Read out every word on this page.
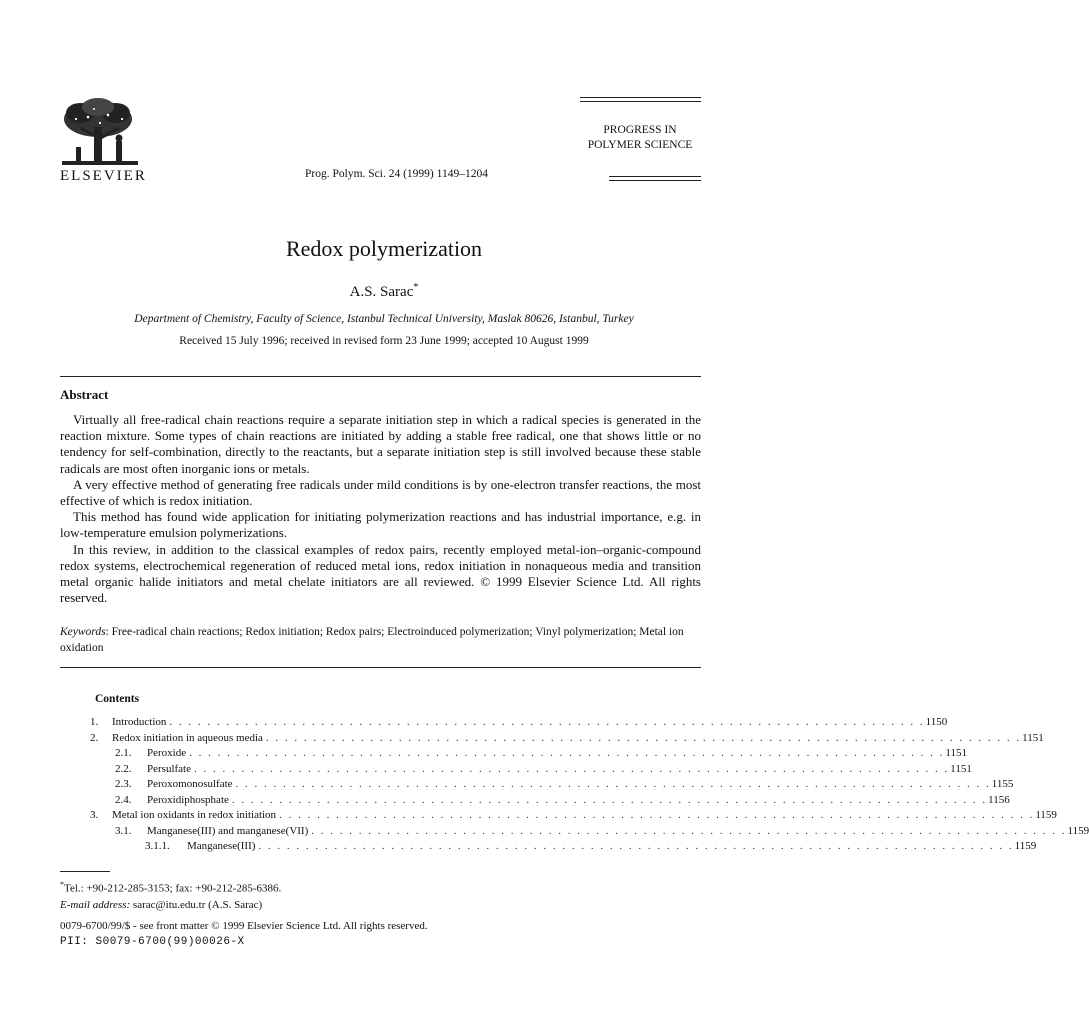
ELSEVIER	Prog. Polym. Sci. 24 (1999) 1149–1204
PROGRESS IN
POLYMER SCIENCE
Redox polymerization
A.S. Sarac*
Department of Chemistry, Faculty of Science, Istanbul Technical University, Maslak 80626, Istanbul, Turkey
Received 15 July 1996; received in revised form 23 June 1999; accepted 10 August 1999
Abstract

Virtually all free-radical chain reactions require a separate initiation step in which a radical species is generated in the reaction mixture. Some types of chain reactions are initiated by adding a stable free radical, one that shows little or no tendency for self-combination, directly to the reactants, but a separate initiation step is still involved because these stable radicals are most often inorganic ions or metals.

A very effective method of generating free radicals under mild conditions is by one-electron transfer reactions, the most effective of which is redox initiation.

This method has found wide application for initiating polymerization reactions and has industrial importance, e.g. in low-temperature emulsion polymerizations.

In this review, in addition to the classical examples of redox pairs, recently employed metal-ion–organic-compound redox systems, electrochemical regeneration of reduced metal ions, redox initiation in nonaqueous media and transition metal organic halide initiators and metal chelate initiators are all reviewed. © 1999 Elsevier Science Ltd. All rights reserved.

Keywords: Free-radical chain reactions; Redox initiation; Redox pairs; Electroinduced polymerization; Vinyl polymerization; Metal ion oxidation
Contents
1.	Introduction . . . . . . . . . . . . . . . . . . . . . . . . . . . . . . . . . . . . . . . . . . . . . . . . . . . . . . . . . . . . . . . . . . . . . . . . . . . . . . . . 1150
2.	Redox initiation in aqueous media . . . . . . . . . . . . . . . . . . . . . . . . . . . . . . . . . . . . . . . . . . . . . . . . . . . . . . . . . . . . . . . . . . . . . . . . . . . . . . . . 1151
2.1.	Peroxide . . . . . . . . . . . . . . . . . . . . . . . . . . . . . . . . . . . . . . . . . . . . . . . . . . . . . . . . . . . . . . . . . . . . . . . . . . . . . . . . 1151
2.2.	Persulfate . . . . . . . . . . . . . . . . . . . . . . . . . . . . . . . . . . . . . . . . . . . . . . . . . . . . . . . . . . . . . . . . . . . . . . . . . . . . . . . . 1151
2.3.	Peroxomonosulfate . . . . . . . . . . . . . . . . . . . . . . . . . . . . . . . . . . . . . . . . . . . . . . . . . . . . . . . . . . . . . . . . . . . . . . . . . . . . . . . . 1155
2.4.	Peroxidiphosphate . . . . . . . . . . . . . . . . . . . . . . . . . . . . . . . . . . . . . . . . . . . . . . . . . . . . . . . . . . . . . . . . . . . . . . . . . . . . . . . . 1156
3.	Metal ion oxidants in redox initiation . . . . . . . . . . . . . . . . . . . . . . . . . . . . . . . . . . . . . . . . . . . . . . . . . . . . . . . . . . . . . . . . . . . . . . . . . . . . . . . . 1159
3.1.	Manganese(III) and manganese(VII) . . . . . . . . . . . . . . . . . . . . . . . . . . . . . . . . . . . . . . . . . . . . . . . . . . . . . . . . . . . . . . . . . . . . . . . . . . . . . . . . 1159
3.1.1.	Manganese(III) . . . . . . . . . . . . . . . . . . . . . . . . . . . . . . . . . . . . . . . . . . . . . . . . . . . . . . . . . . . . . . . . . . . . . . . . . . . . . . . . 1159
*Tel.: +90-212-285-3153; fax: +90-212-285-6386.
E-mail address: sarac@itu.edu.tr (A.S. Sarac)
0079-6700/99/$ - see front matter © 1999 Elsevier Science Ltd. All rights reserved.
PII: S0079-6700(99)00026-X
